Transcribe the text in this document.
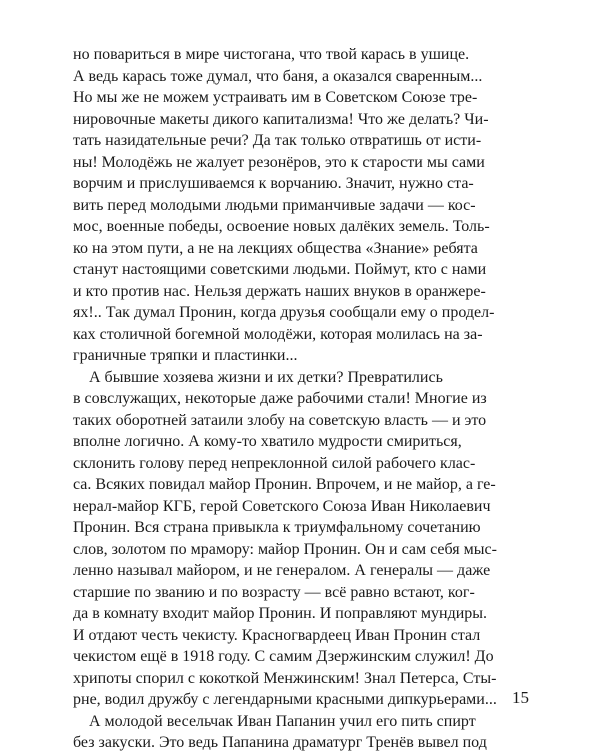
но повариться в мире чистогана, что твой карась в ушице.
А ведь карась тоже думал, что баня, а оказался сваренным...
Но мы же не можем устраивать им в Советском Союзе тре-
нировочные макеты дикого капитализма! Что же делать? Чи-
тать назидательные речи? Да так только отвратишь от исти-
ны! Молодёжь не жалует резонёров, это к старости мы сами
ворчим и прислушиваемся к ворчанию. Значит, нужно ста-
вить перед молодыми людьми приманчивые задачи — кос-
мос, военные победы, освоение новых далёких земель. Толь-
ко на этом пути, а не на лекциях общества «Знание» ребята
станут настоящими советскими людьми. Поймут, кто с нами
и кто против нас. Нельзя держать наших внуков в оранжере-
ях!.. Так думал Пронин, когда друзья сообщали ему о продел-
ках столичной богемной молодёжи, которая молилась на за-
граничные тряпки и пластинки...
А бывшие хозяева жизни и их детки? Превратились
в совслужащих, некоторые даже рабочими стали! Многие из
таких оборотней затаили злобу на советскую власть — и это
вполне логично. А кому-то хватило мудрости смириться,
склонить голову перед непреклонной силой рабочего клас-
са. Всяких повидал майор Пронин. Впрочем, и не майор, а ге-
нерал-майор КГБ, герой Советского Союза Иван Николаевич
Пронин. Вся страна привыкла к триумфальному сочетанию
слов, золотом по мрамору: майор Пронин. Он и сам себя мыс-
ленно называл майором, и не генералом. А генералы — даже
старшие по званию и по возрасту — всё равно встают, ког-
да в комнату входит майор Пронин. И поправляют мундиры.
И отдают честь чекисту. Красногвардеец Иван Пронин стал
чекистом ещё в 1918 году. С самим Дзержинским служил! До
хрипоты спорил с кокоткой Менжинским! Знал Петерса, Сты-
рне, водил дружбу с легендарными красными дипкурьерами...
А молодой весельчак Иван Папанин учил его пить спирт
без закуски. Это ведь Папанина драматург Тренёв вывел под
15
